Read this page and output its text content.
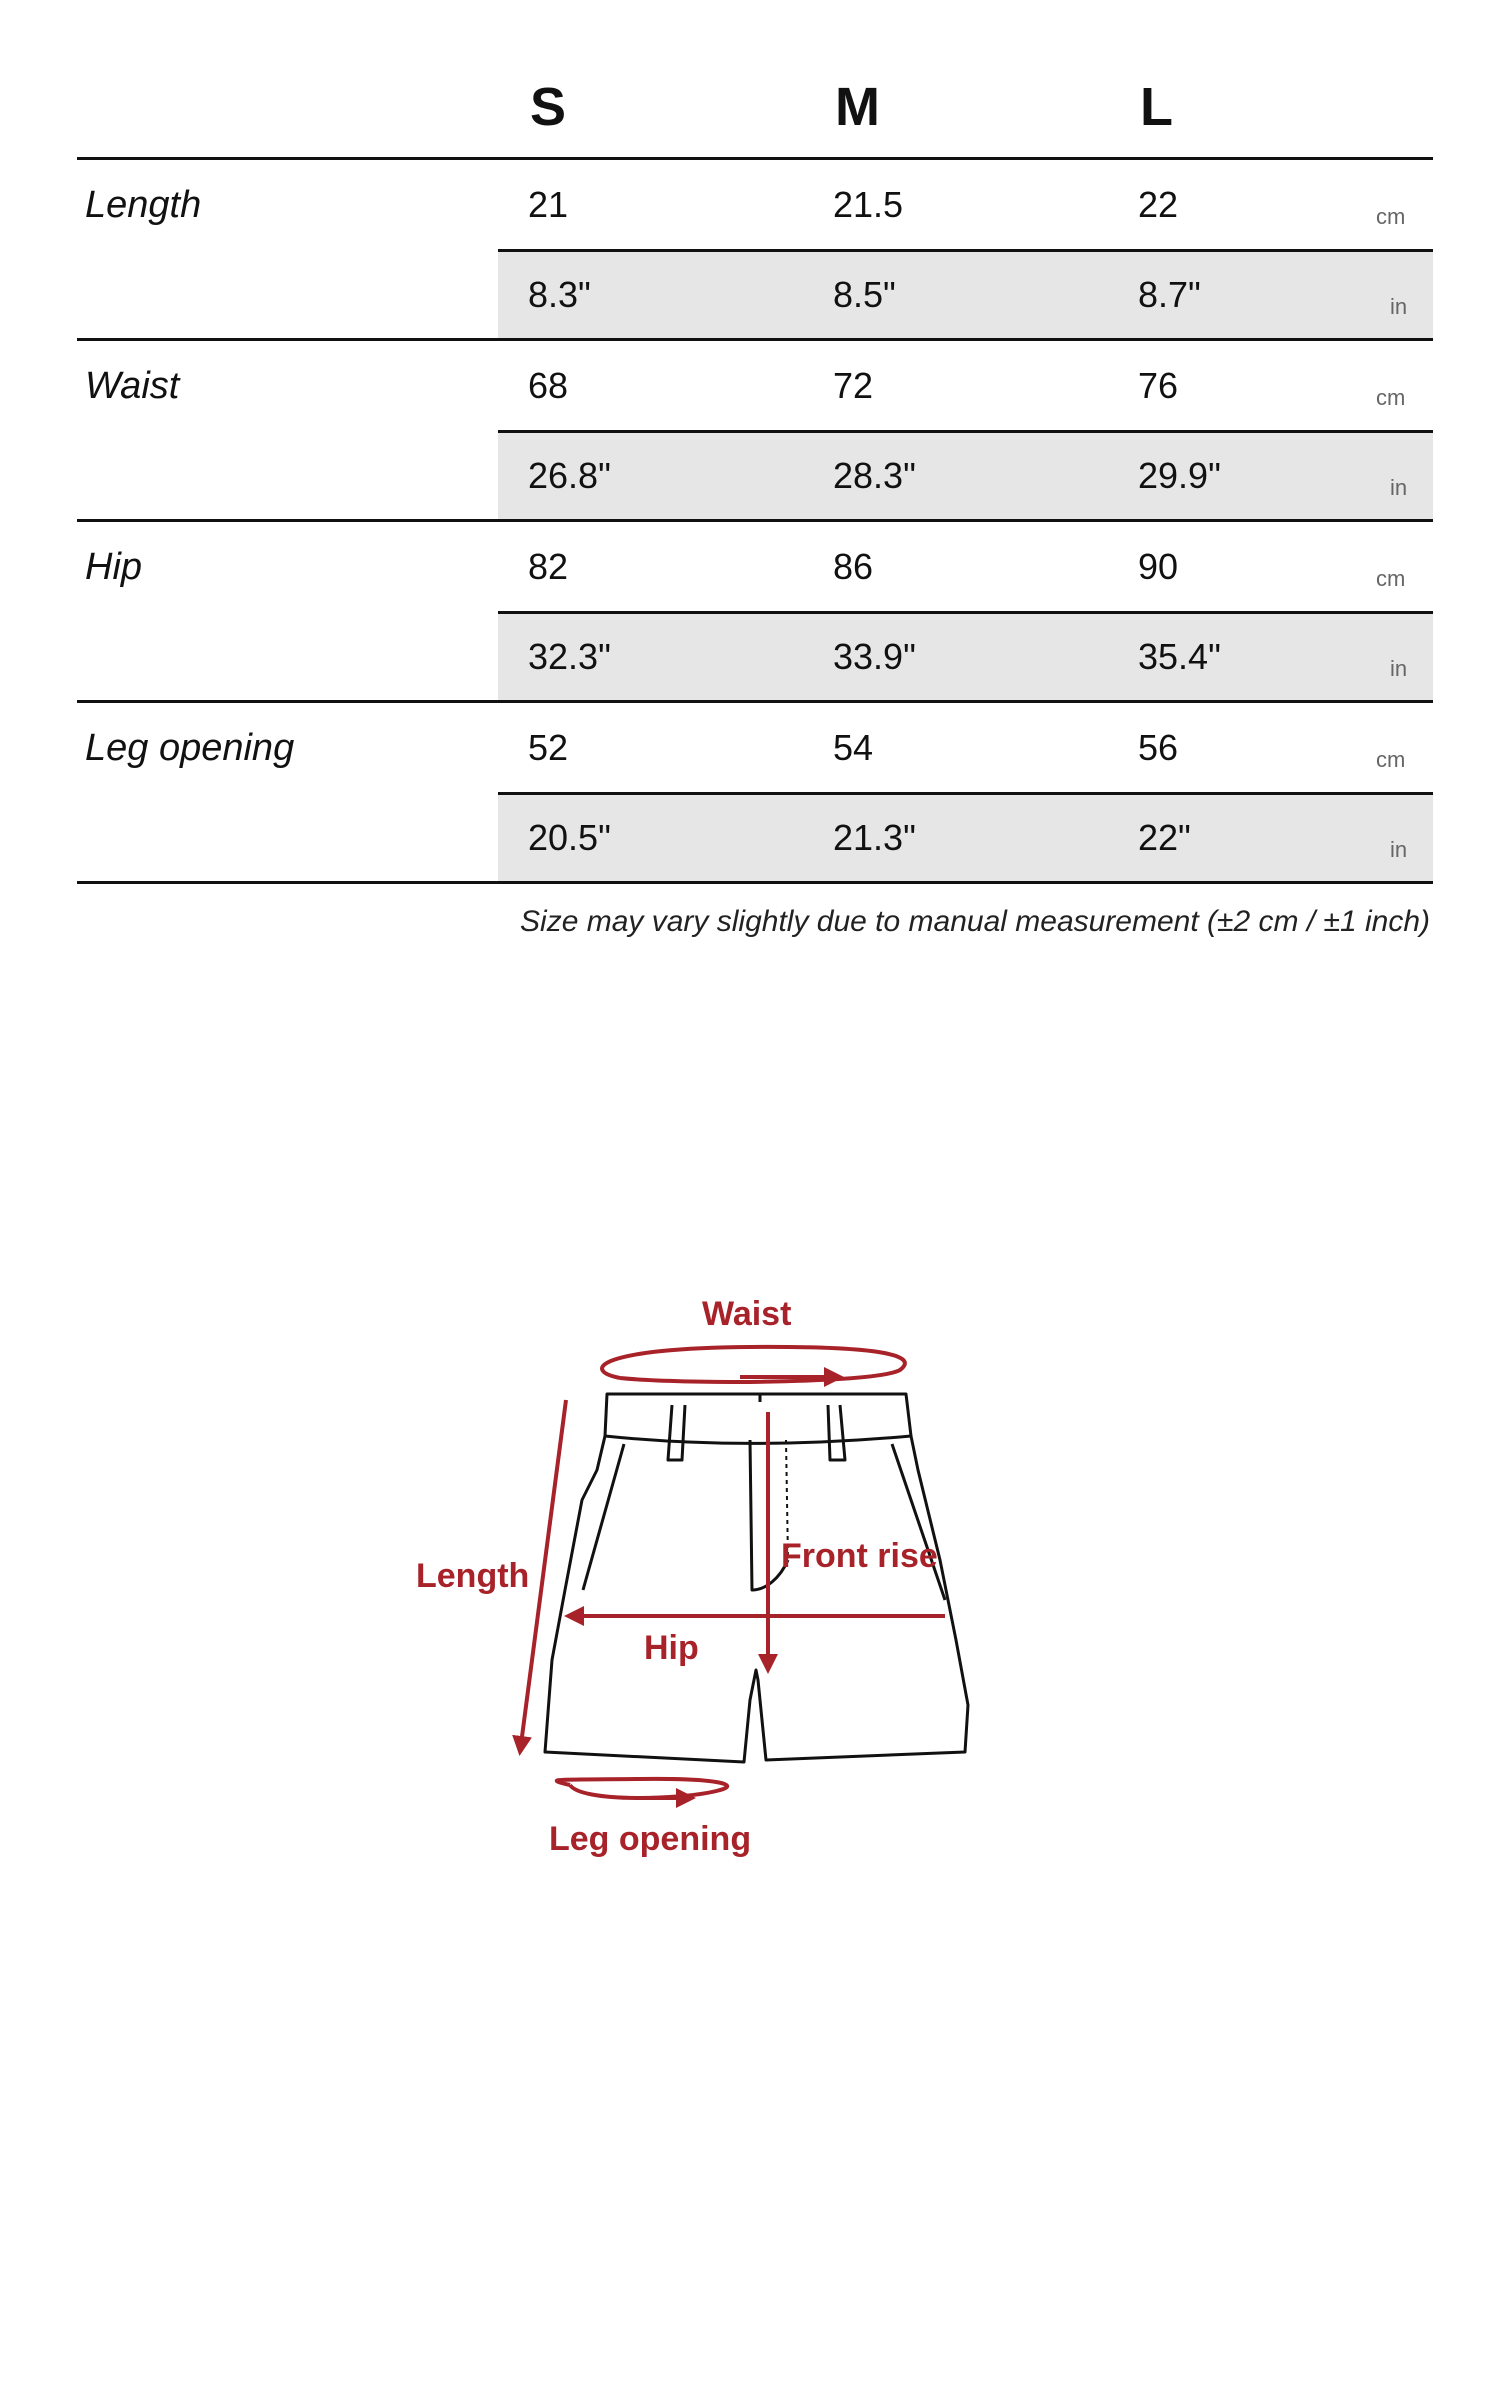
S	M	L
Length	21	21.5	22	cm
8.3"	8.5"	8.7"	in
Waist	68	72	76	cm
26.8"	28.3"	29.9"	in
Hip	82	86	90	cm
32.3"	33.9"	35.4"	in
Leg opening	52	54	56	cm
20.5"	21.3"	22"	in
Size may vary slightly due to manual measurement (±2 cm / ±1 inch)
Waist
Length
Front rise
Hip
Leg opening
